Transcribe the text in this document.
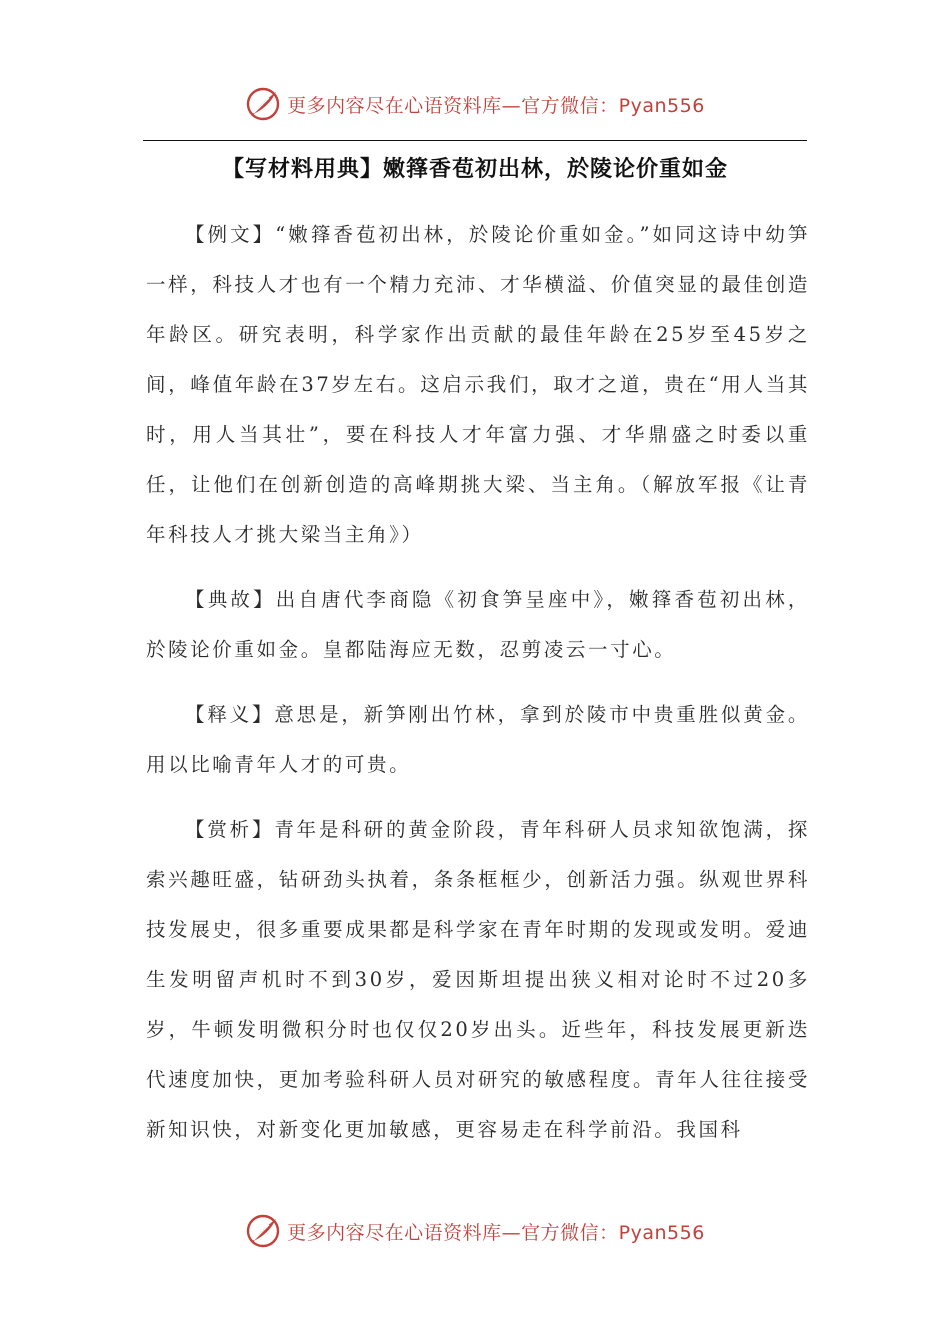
更多内容尽在心语资料库—官方微信：Pyan556
【写材料用典】嫩箨香苞初出林，於陵论价重如金

【例文】“嫩箨香苞初出林，於陵论价重如金。”如同这诗中幼笋一样，科技人才也有一个精力充沛、才华横溢、价值突显的最佳创造年龄区。研究表明，科学家作出贡献的最佳年龄在25岁至45岁之间，峰值年龄在37岁左右。这启示我们，取才之道，贵在“用人当其时，用人当其壮”，要在科技人才年富力强、才华鼎盛之时委以重任，让他们在创新创造的高峰期挑大梁、当主角。（解放军报《让青年科技人才挑大梁当主角》）

【典故】出自唐代李商隐《初食笋呈座中》，嫩箨香苞初出林，於陵论价重如金。皇都陆海应无数，忍剪凌云一寸心。

【释义】意思是，新笋刚出竹林，拿到於陵市中贵重胜似黄金。用以比喻青年人才的可贵。

【赏析】青年是科研的黄金阶段，青年科研人员求知欲饱满，探索兴趣旺盛，钻研劲头执着，条条框框少，创新活力强。纵观世界科技发展史，很多重要成果都是科学家在青年时期的发现或发明。爱迪生发明留声机时不到30岁，爱因斯坦提出狭义相对论时不过20多岁，牛顿发明微积分时也仅仅20岁出头。近些年，科技发展更新迭代速度加快，更加考验科研人员对研究的敏感程度。青年人往往接受新知识快，对新变化更加敏感，更容易走在科学前沿。我国科

更多内容尽在心语资料库—官方微信：Pyan556
